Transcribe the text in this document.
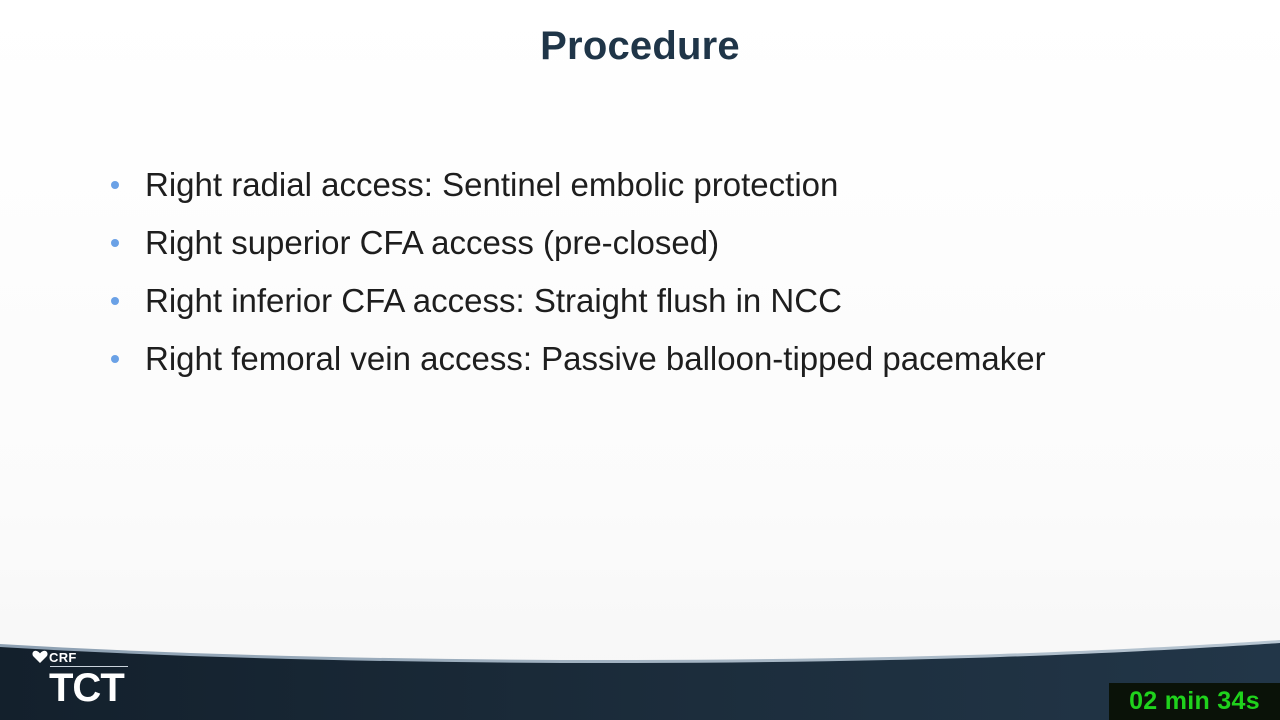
Procedure
Right radial access: Sentinel embolic protection
Right superior CFA access (pre-closed)
Right inferior CFA access: Straight flush in NCC
Right femoral vein access: Passive balloon-tipped pacemaker
CRF
TCT	02 min 34s
